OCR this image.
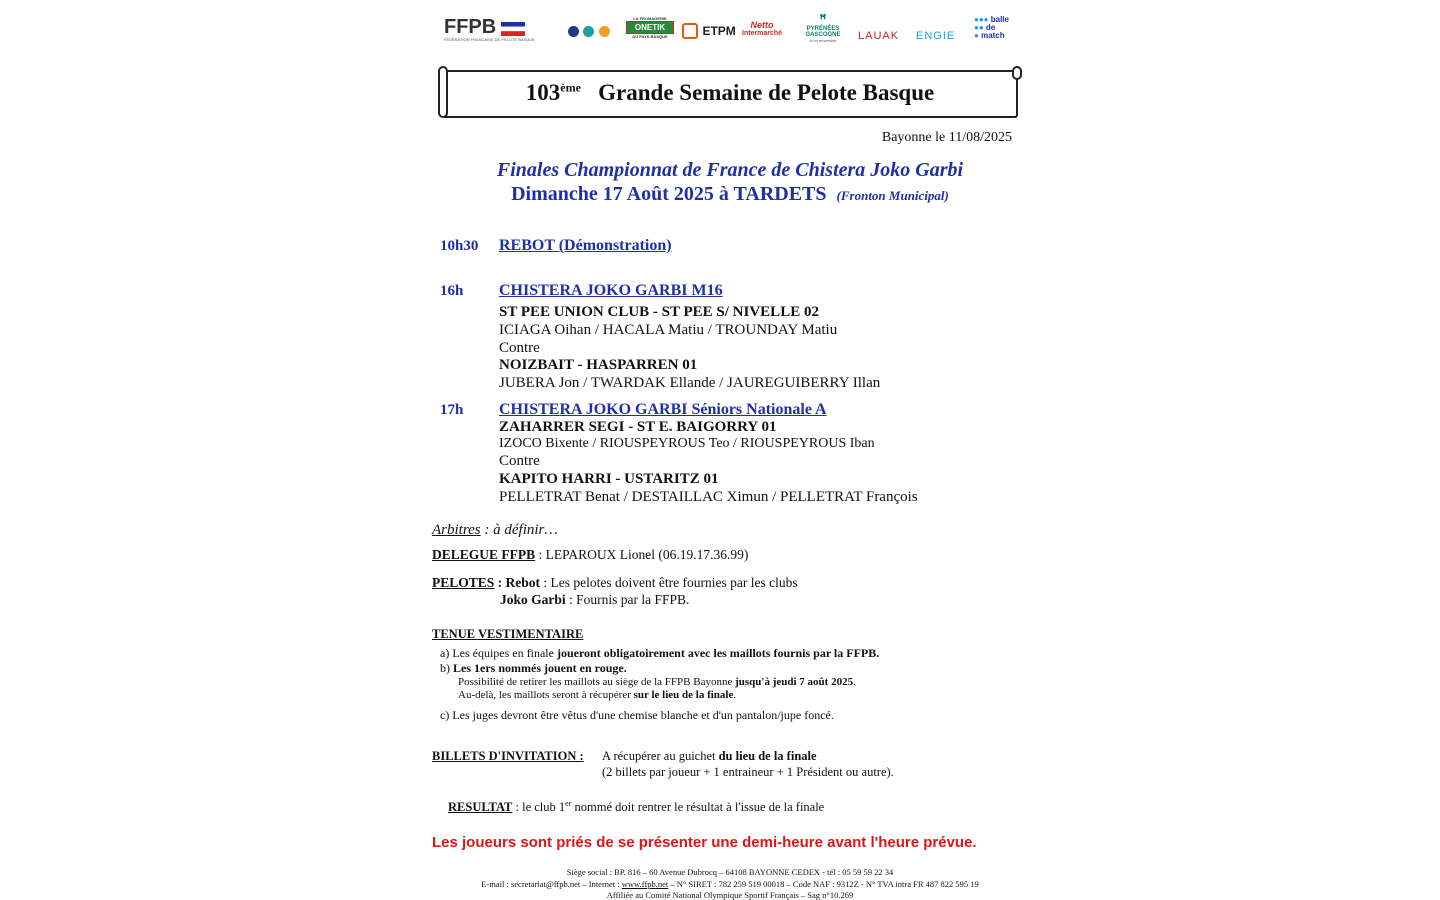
FFPB
FÉDÉRATION FRANÇAISE DE PELOTE BASQUE

LA FROMAGERIE
ONETIK
DU PAYS BASQUE	ETPM	Netto
Intermarché
ꟸ
PYRÉNÉES
GASCOGNE
ici et ensemble	LAUAK ENGIE
●●● balle
●● de
● match
103ème Grande Semaine de Pelote Basque
Bayonne le 11/08/2025
Finales Championnat de France de Chistera Joko Garbi
Dimanche 17 Août 2025 à TARDETS (Fronton Municipal)
10h30 REBOT (Démonstration)
16h CHISTERA JOKO GARBI M16
ST PEE UNION CLUB - ST PEE S/ NIVELLE 02
ICIAGA Oihan / HACALA Matiu / TROUNDAY Matiu
Contre
NOIZBAIT - HASPARREN 01
JUBERA Jon / TWARDAK Ellande / JAUREGUIBERRY Illan
17h CHISTERA JOKO GARBI Séniors Nationale A
ZAHARRER SEGI - ST E. BAIGORRY 01
IZOCO Bixente / RIOUSPEYROUS Teo / RIOUSPEYROUS Iban
Contre
KAPITO HARRI - USTARITZ 01
PELLETRAT Benat / DESTAILLAC Ximun / PELLETRAT François
Arbitres : à définir…
DELEGUE FFPB : LEPAROUX Lionel (06.19.17.36.99)
PELOTES : Rebot : Les pelotes doivent être fournies par les clubs
Joko Garbi : Fournis par la FFPB.
TENUE VESTIMENTAIRE
a) Les équipes en finale joueront obligatoirement avec les maillots fournis par la FFPB.
b) Les 1ers nommés jouent en rouge.
Possibilité de retirer les maillots au siège de la FFPB Bayonne jusqu'à jeudi 7 août 2025.
Au-delà, les maillots seront à récupérer sur le lieu de la finale.
c) Les juges devront être vêtus d'une chemise blanche et d'un pantalon/jupe foncé.
BILLETS D'INVITATION : A récupérer au guichet du lieu de la finale
(2 billets par joueur + 1 entraineur + 1 Président ou autre).
RESULTAT : le club 1er nommé doit rentrer le résultat à l'issue de la finale
Les joueurs sont priés de se présenter une demi-heure avant l'heure prévue.
Siège social : BP. 816 – 60 Avenue Dubrocq – 64108 BAYONNE CEDEX - tél : 05 59 59 22 34
E-mail : secretariat@ffpb.net – Internet : www.ffpb.net – N° SIRET : 782 259 519 00018 – Code NAF : 9312Z - N° TVA intra FR 487 822 595 19
Affiliée au Comité National Olympique Sportif Français – Sag n°10.269
